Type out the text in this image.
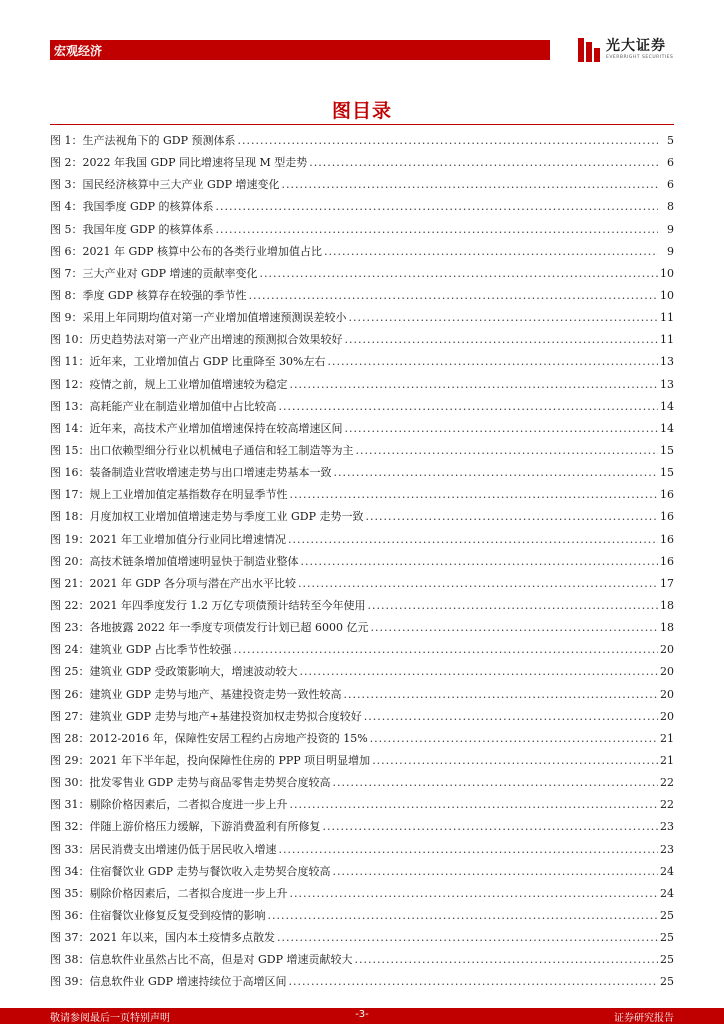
宏观经济	光大证券
EVERBRIGHT SECURITIES
图目录
图 1： 生产法视角下的 GDP 预测体系 .....	5
图 2： 2022 年我国 GDP 同比增速将呈现 M 型走势 .....	6
图 3： 国民经济核算中三大产业 GDP 增速变化 .....	6
图 4： 我国季度 GDP 的核算体系 .....	8
图 5： 我国年度 GDP 的核算体系 .....	9
图 6： 2021 年 GDP 核算中公布的各类行业增加值占比 .....	9
图 7： 三大产业对 GDP 增速的贡献率变化 .....	10
图 8： 季度 GDP 核算存在较强的季节性 .....	10
图 9： 采用上年同期均值对第一产业增加值增速预测误差较小 .....	11
图 10： 历史趋势法对第一产业产出增速的预测拟合效果较好 .....	11
图 11： 近年来，工业增加值占 GDP 比重降至 30%左右 .....	13
图 12： 疫情之前，规上工业增加值增速较为稳定 .....	13
图 13： 高耗能产业在制造业增加值中占比较高 .....	14
图 14： 近年来，高技术产业增加值增速保持在较高增速区间 .....	14
图 15： 出口依赖型细分行业以机械电子通信和轻工制造等为主 .....	15
图 16： 装备制造业营收增速走势与出口增速走势基本一致 .....	15
图 17： 规上工业增加值定基指数存在明显季节性 .....	16
图 18： 月度加权工业增加值增速走势与季度工业 GDP 走势一致 .....	16
图 19： 2021 年工业增加值分行业同比增速情况 .....	16
图 20： 高技术链条增加值增速明显快于制造业整体 .....	16
图 21： 2021 年 GDP 各分项与潜在产出水平比较 .....	17
图 22： 2021 年四季度发行 1.2 万亿专项债预计结转至今年使用 .....	18
图 23： 各地披露 2022 年一季度专项债发行计划已超 6000 亿元 .....	18
图 24： 建筑业 GDP 占比季节性较强 .....	20
图 25： 建筑业 GDP 受政策影响大，增速波动较大 .....	20
图 26： 建筑业 GDP 走势与地产、基建投资走势一致性较高 .....	20
图 27： 建筑业 GDP 走势与地产+基建投资加权走势拟合度较好 .....	20
图 28： 2012-2016 年，保障性安居工程约占房地产投资的 15% .....	21
图 29： 2021 年下半年起，投向保障性住房的 PPP 项目明显增加 .....	21
图 30： 批发零售业 GDP 走势与商品零售走势契合度较高 .....	22
图 31： 剔除价格因素后，二者拟合度进一步上升 .....	22
图 32： 伴随上游价格压力缓解，下游消费盈利有所修复 .....	23
图 33： 居民消费支出增速仍低于居民收入增速 .....	23
图 34： 住宿餐饮业 GDP 走势与餐饮收入走势契合度较高 .....	24
图 35： 剔除价格因素后，二者拟合度进一步上升 .....	24
图 36： 住宿餐饮业修复反复受到疫情的影响 .....	25
图 37： 2021 年以来，国内本土疫情多点散发 .....	25
图 38： 信息软件业虽然占比不高，但是对 GDP 增速贡献较大 .....	25
图 39： 信息软件业 GDP 增速持续位于高增区间 .....	25
敬请参阅最后一页特别声明	-3-	证券研究报告
